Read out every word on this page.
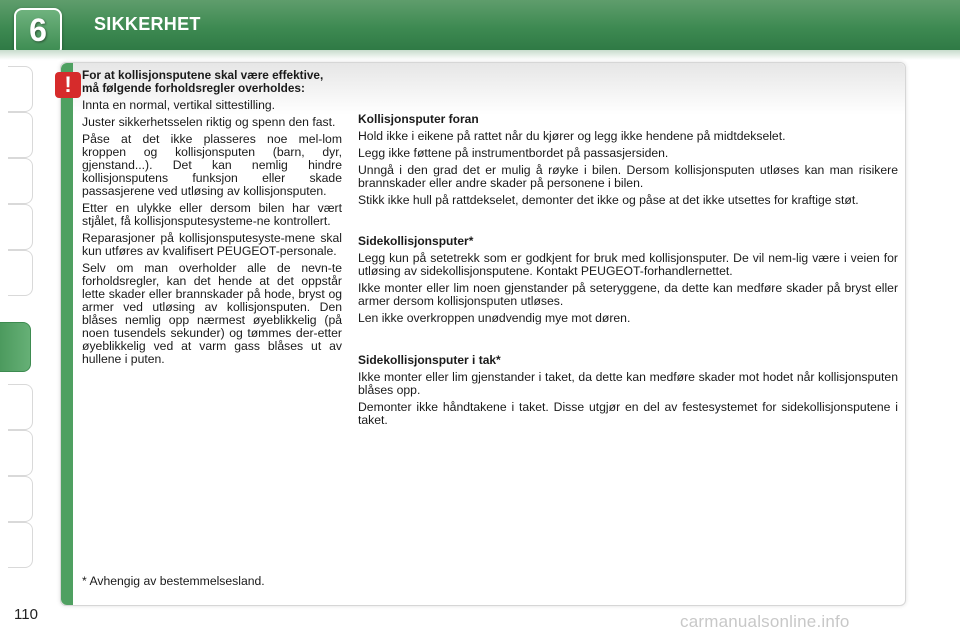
6	SIKKERHET
! For at kollisjonsputene skal være effektive, må følgende forholdsregler overholdes:

Innta en normal, vertikal sittestilling.

Juster sikkerhetsselen riktig og spenn den fast.

Påse at det ikke plasseres noe mel-lom kroppen og kollisjonsputen (barn, dyr, gjenstand...). Det kan nemlig hindre kollisjonsputens funksjon eller skade passasjerene ved utløsing av kollisjonsputen.

Etter en ulykke eller dersom bilen har vært stjålet, få kollisjonsputesysteme-ne kontrollert.

Reparasjoner på kollisjonsputesyste-mene skal kun utføres av kvalifisert PEUGEOT-personale.

Selv om man overholder alle de nevn-te forholdsregler, kan det hende at det oppstår lette skader eller brannskader på hode, bryst og armer ved utløsing av kollisjonsputen. Den blåses nemlig opp nærmest øyeblikkelig (på noen tusendels sekunder) og tømmes der-etter øyeblikkelig ved at varm gass blåses ut av hullene i puten.

Kollisjonsputer foran

Hold ikke i eikene på rattet når du kjører og legg ikke hendene på midtdekselet.

Legg ikke føttene på instrumentbordet på passasjersiden.

Unngå i den grad det er mulig å røyke i bilen. Dersom kollisjonsputen utløses kan man risikere brannskader eller andre skader på personene i bilen.

Stikk ikke hull på rattdekselet, demonter det ikke og påse at det ikke utsettes for kraftige støt.

Sidekollisjonsputer*

Legg kun på setetrekk som er godkjent for bruk med kollisjonsputer. De vil nem-lig være i veien for utløsing av sidekollisjonsputene. Kontakt PEUGEOT-forhandlernettet.

Ikke monter eller lim noen gjenstander på seteryggene, da dette kan medføre skader på bryst eller armer dersom kollisjonsputen utløses.

Len ikke overkroppen unødvendig mye mot døren.

Sidekollisjonsputer i tak*

Ikke monter eller lim gjenstander i taket, da dette kan medføre skader mot hodet når kollisjonsputen blåses opp.

Demonter ikke håndtakene i taket. Disse utgjør en del av festesystemet for sidekollisjonsputene i taket.

* Avhengig av bestemmelsesland.
110	carmanualsonline.info
